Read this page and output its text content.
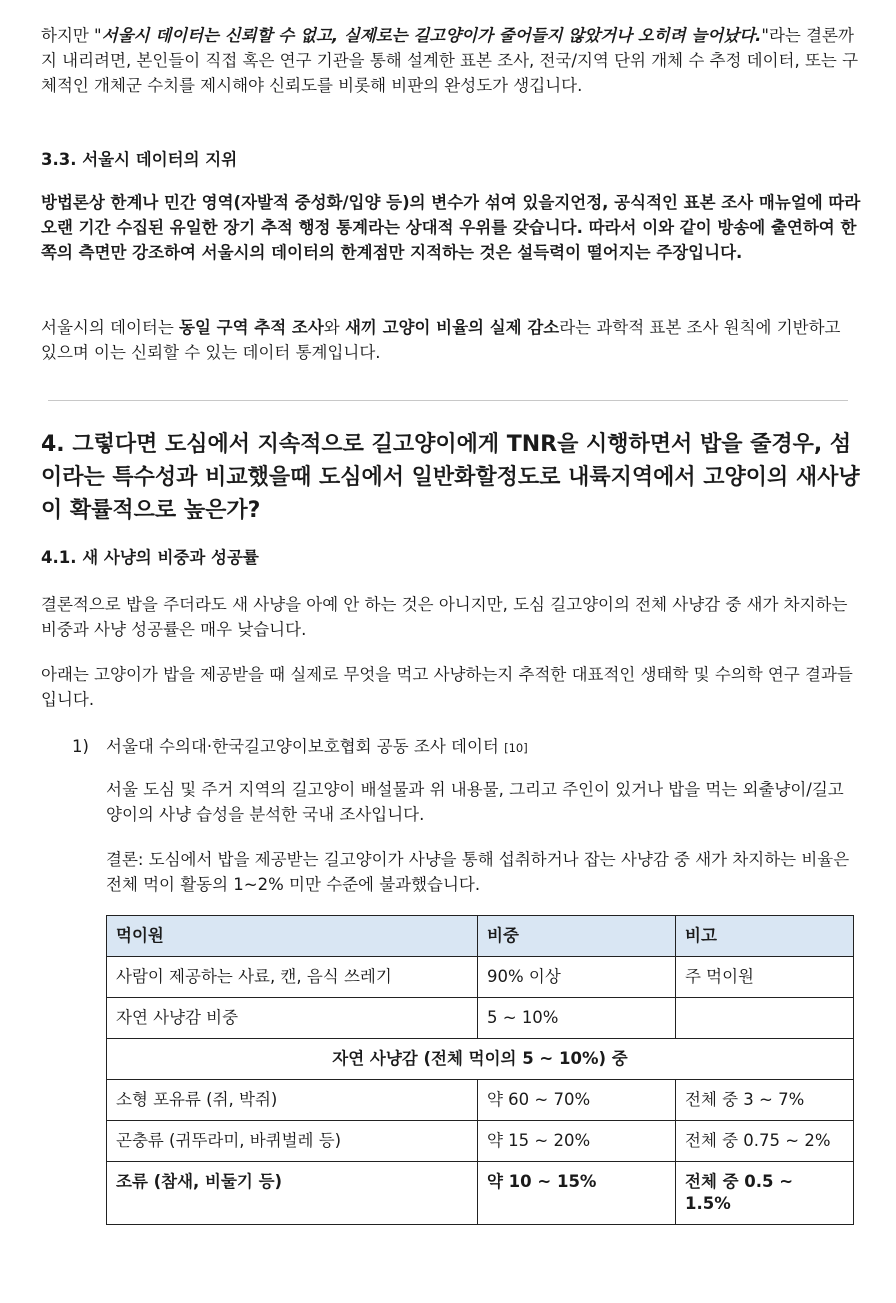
하지만 "서울시 데이터는 신뢰할 수 없고, 실제로는 길고양이가 줄어들지 않았거나 오히려 늘어났다."라는 결론까지 내리려면, 본인들이 직접 혹은 연구 기관을 통해 설계한 표본 조사, 전국/지역 단위 개체 수 추정 데이터, 또는 구체적인 개체군 수치를 제시해야 신뢰도를 비롯해 비판의 완성도가 생깁니다.

3.3. 서울시 데이터의 지위

방법론상 한계나 민간 영역(자발적 중성화/입양 등)의 변수가 섞여 있을지언정, 공식적인 표본 조사 매뉴얼에 따라 오랜 기간 수집된 유일한 장기 추적 행정 통계라는 상대적 우위를 갖습니다. 따라서 이와 같이 방송에 출연하여 한쪽의 측면만 강조하여 서울시의 데이터의 한계점만 지적하는 것은 설득력이 떨어지는 주장입니다.

서울시의 데이터는 동일 구역 추적 조사와 새끼 고양이 비율의 실제 감소라는 과학적 표본 조사 원칙에 기반하고 있으며 이는 신뢰할 수 있는 데이터 통계입니다.

4. 그렇다면 도심에서 지속적으로 길고양이에게 TNR을 시행하면서 밥을 줄경우, 섬이라는 특수성과 비교했을때 도심에서 일반화할정도로 내륙지역에서 고양이의 새사냥이 확률적으로 높은가?
4.1. 새 사냥의 비중과 성공률

결론적으로 밥을 주더라도 새 사냥을 아예 안 하는 것은 아니지만, 도심 길고양이의 전체 사냥감 중 새가 차지하는 비중과 사냥 성공률은 매우 낮습니다.

아래는 고양이가 밥을 제공받을 때 실제로 무엇을 먹고 사냥하는지 추적한 대표적인 생태학 및 수의학 연구 결과들입니다.

1) 서울대 수의대·한국길고양이보호협회 공동 조사 데이터 [10]

서울 도심 및 주거 지역의 길고양이 배설물과 위 내용물, 그리고 주인이 있거나 밥을 먹는 외출냥이/길고양이의 사냥 습성을 분석한 국내 조사입니다.

결론: 도심에서 밥을 제공받는 길고양이가 사냥을 통해 섭취하거나 잡는 사냥감 중 새가 차지하는 비율은 전체 먹이 활동의 1~2% 미만 수준에 불과했습니다.

먹이원	비중	비고
사람이 제공하는 사료, 캔, 음식 쓰레기	90% 이상	주 먹이원
자연 사냥감 비중	5 ~ 10%	
자연 사냥감 (전체 먹이의 5 ~ 10%) 중		
소형 포유류 (쥐, 박쥐)	약 60 ~ 70%	전체 중 3 ~ 7%
곤충류 (귀뚜라미, 바퀴벌레 등)	약 15 ~ 20%	전체 중 0.75 ~ 2%
조류 (참새, 비둘기 등)	약 10 ~ 15%	전체 중 0.5 ~ 1.5%
